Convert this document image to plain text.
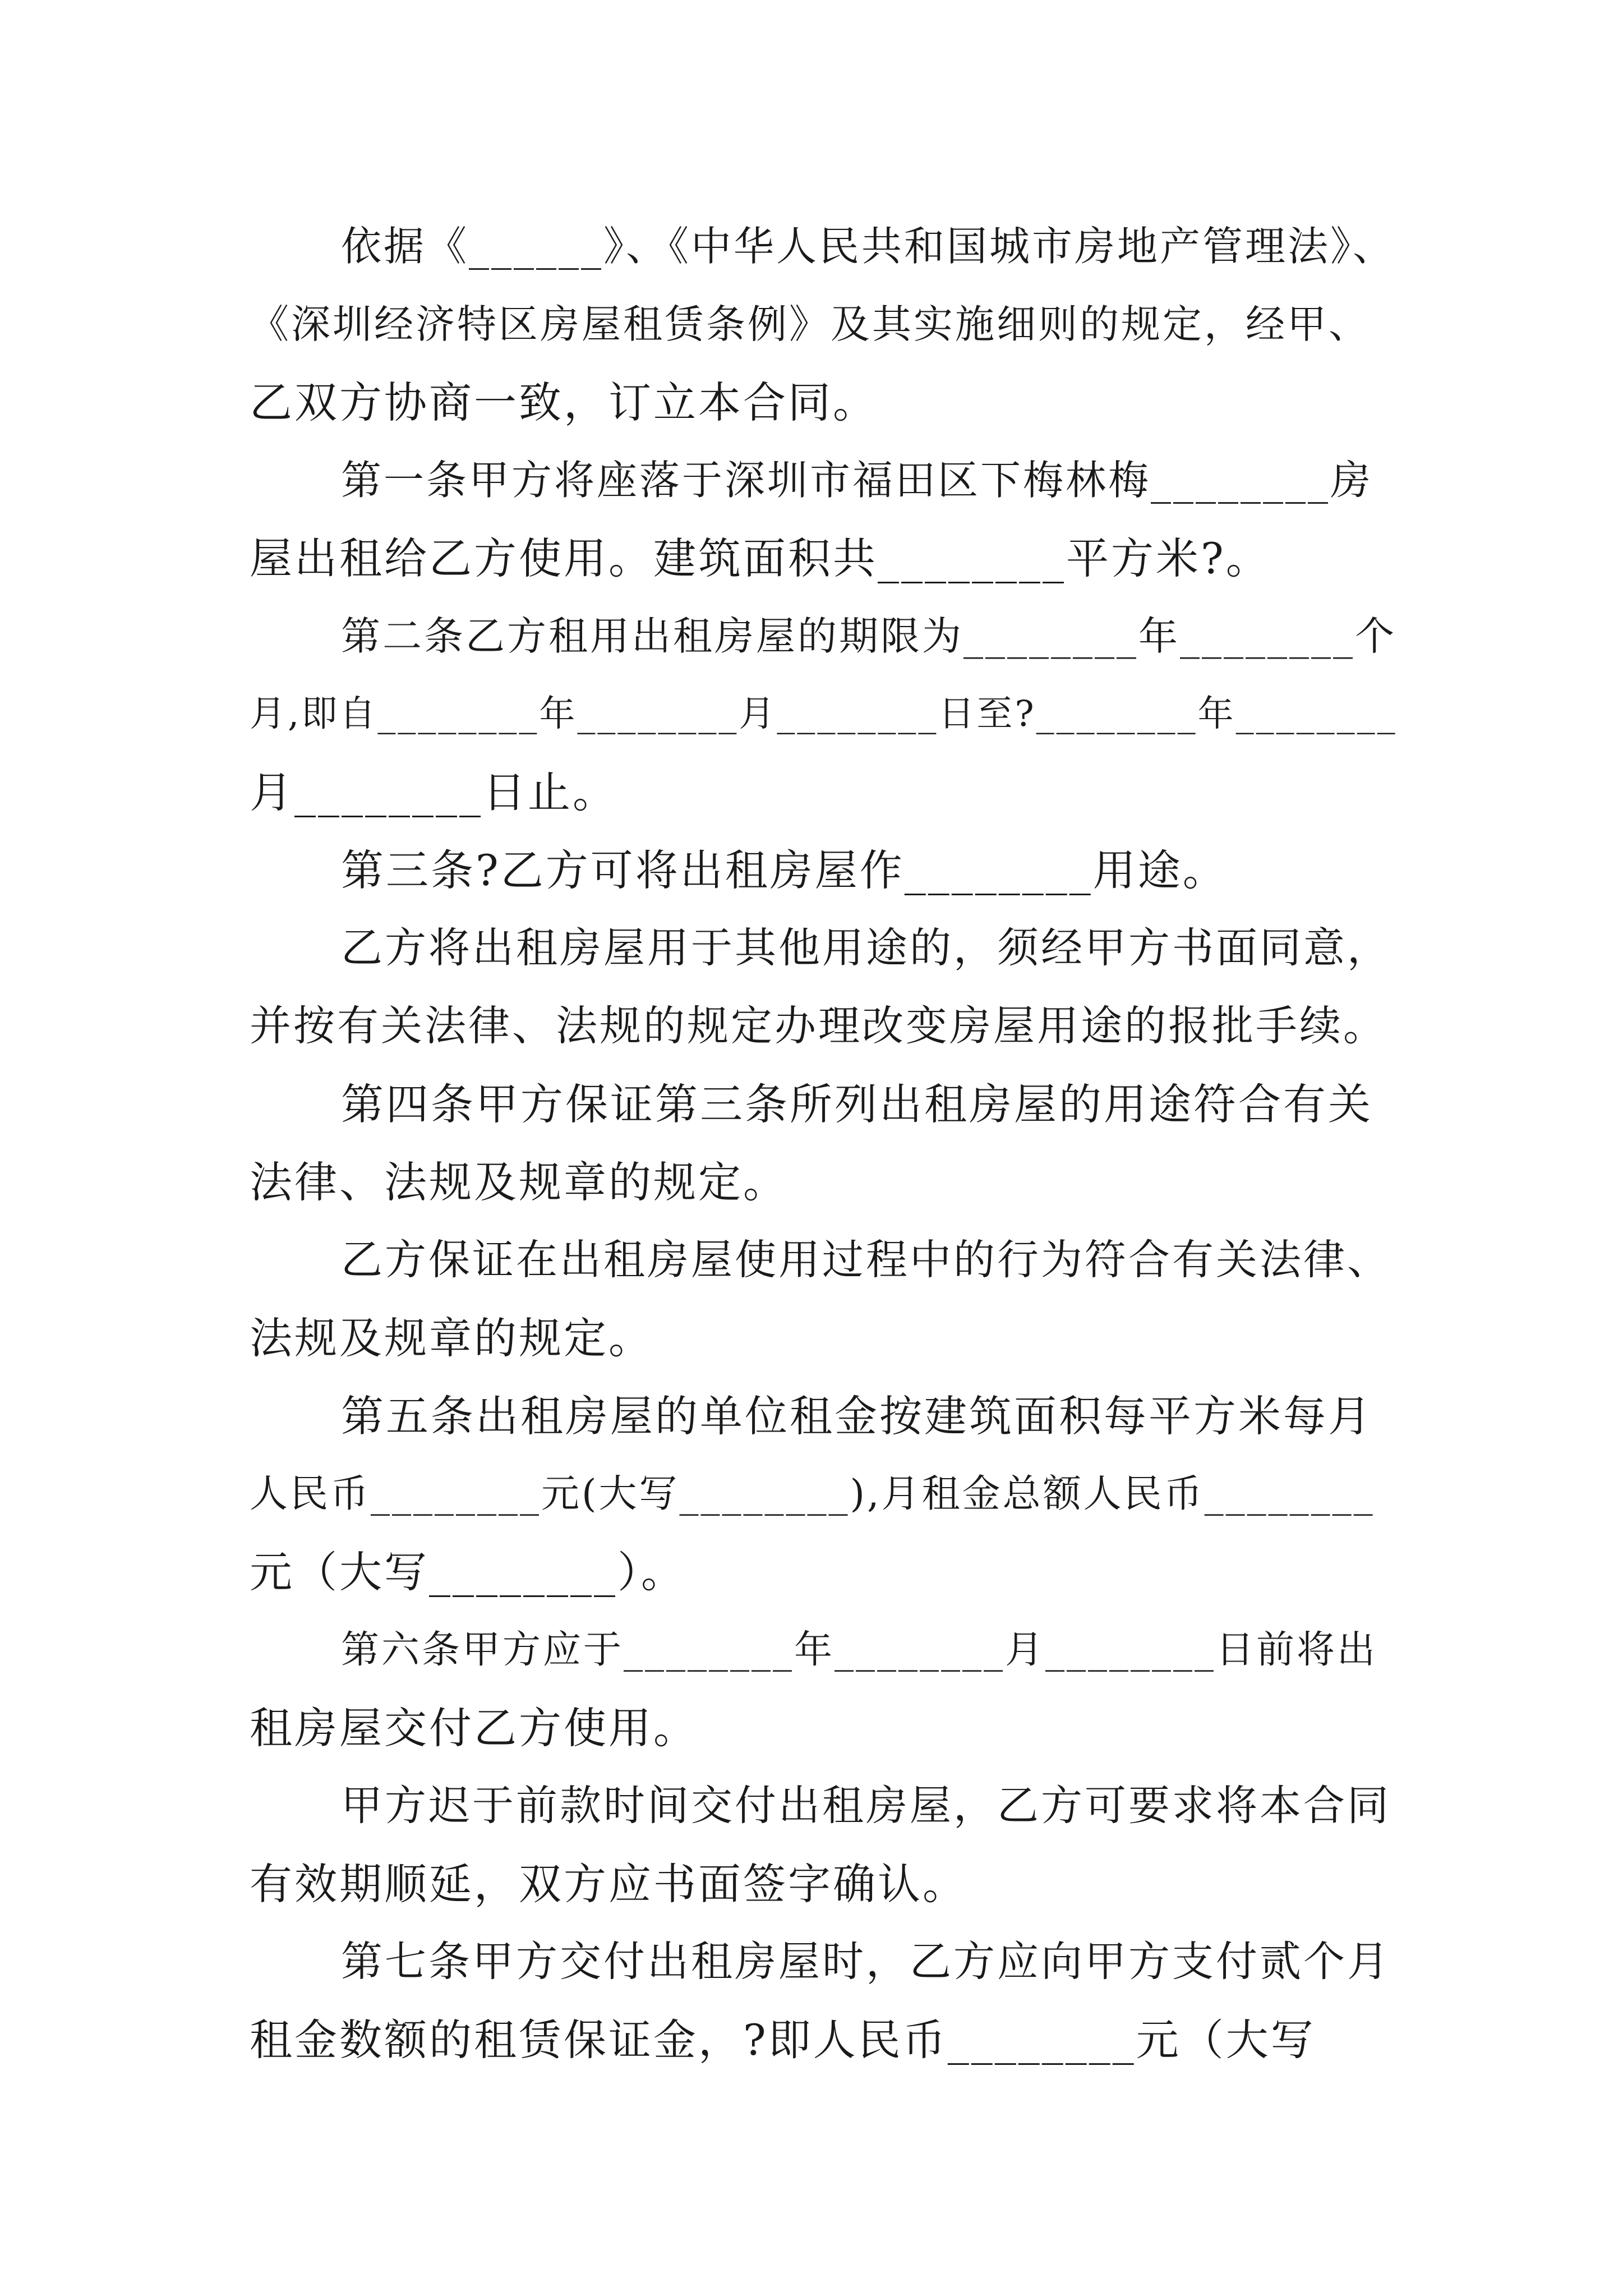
依据《______》、《中华人民共和国城市房地产管理法》、
《深圳经济特区房屋租赁条例》及其实施细则的规定，经甲、
乙双方协商一致，订立本合同。
第一条甲方将座落于深圳市福田区下梅林梅________房
屋出租给乙方使用。建筑面积共________平方米?。
第二条乙方租用出租房屋的期限为________年________个
月,即自________年________月________日至?________年________
月________日止。
第三条?乙方可将出租房屋作________用途。
乙方将出租房屋用于其他用途的，须经甲方书面同意，
并按有关法律、法规的规定办理改变房屋用途的报批手续。
第四条甲方保证第三条所列出租房屋的用途符合有关
法律、法规及规章的规定。
乙方保证在出租房屋使用过程中的行为符合有关法律、
法规及规章的规定。
第五条出租房屋的单位租金按建筑面积每平方米每月
人民币________元(大写________),月租金总额人民币________
元（大写________）。
第六条甲方应于________年________月________日前将出
租房屋交付乙方使用。
甲方迟于前款时间交付出租房屋，乙方可要求将本合同
有效期顺延，双方应书面签字确认。
第七条甲方交付出租房屋时，乙方应向甲方支付贰个月
租金数额的租赁保证金，?即人民币________元（大写
